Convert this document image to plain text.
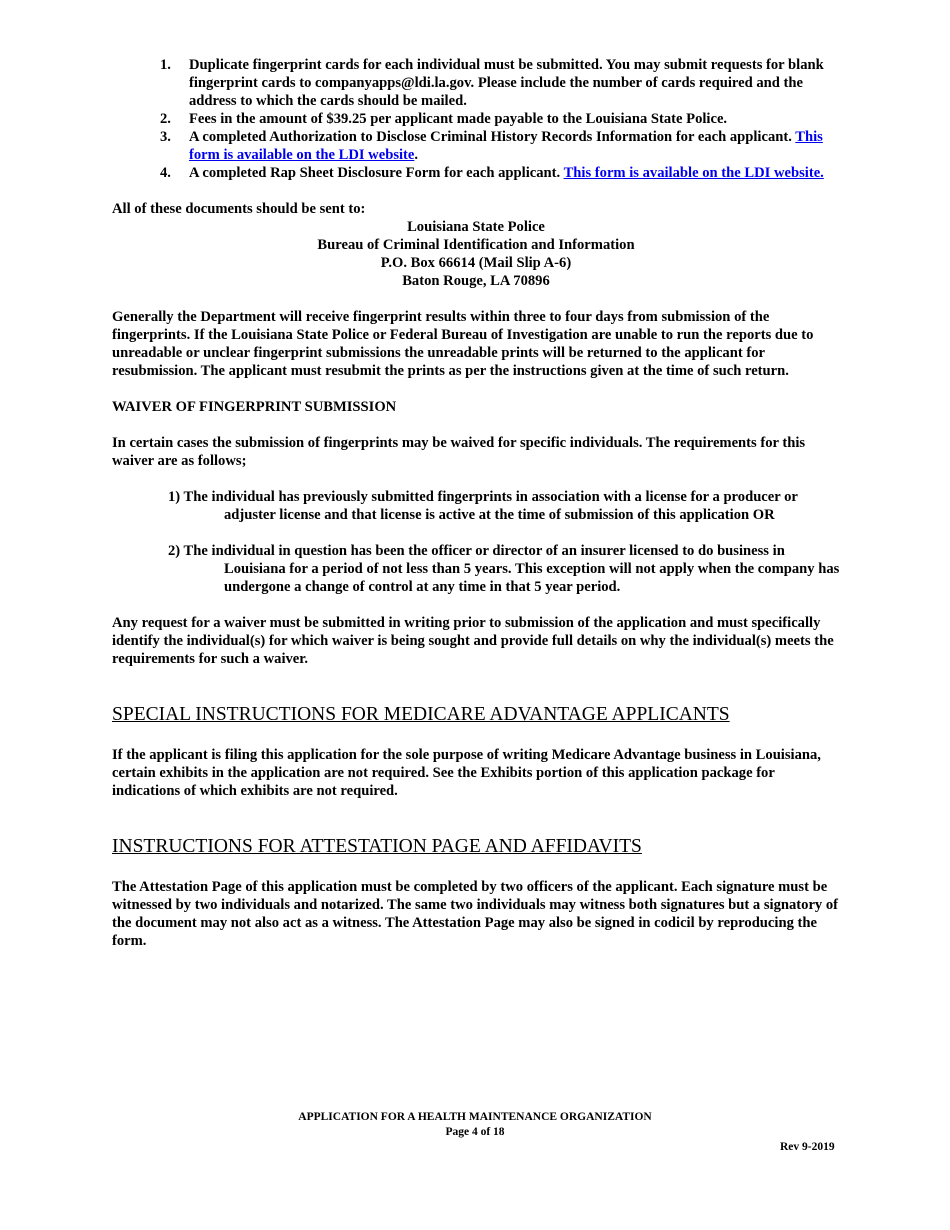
1. Duplicate fingerprint cards for each individual must be submitted. You may submit requests for blank fingerprint cards to companyapps@ldi.la.gov. Please include the number of cards required and the address to which the cards should be mailed.
2. Fees in the amount of $39.25 per applicant made payable to the Louisiana State Police.
3. A completed Authorization to Disclose Criminal History Records Information for each applicant. This form is available on the LDI website.
4. A completed Rap Sheet Disclosure Form for each applicant. This form is available on the LDI website.

All of these documents should be sent to:

Louisiana State Police
Bureau of Criminal Identification and Information
P.O. Box 66614 (Mail Slip A-6)
Baton Rouge, LA 70896

Generally the Department will receive fingerprint results within three to four days from submission of the fingerprints. If the Louisiana State Police or Federal Bureau of Investigation are unable to run the reports due to unreadable or unclear fingerprint submissions the unreadable prints will be returned to the applicant for resubmission. The applicant must resubmit the prints as per the instructions given at the time of such return.

WAIVER OF FINGERPRINT SUBMISSION

In certain cases the submission of fingerprints may be waived for specific individuals. The requirements for this waiver are as follows;

1) The individual has previously submitted fingerprints in association with a license for a producer or adjuster license and that license is active at the time of submission of this application OR

2) The individual in question has been the officer or director of an insurer licensed to do business in Louisiana for a period of not less than 5 years. This exception will not apply when the company has undergone a change of control at any time in that 5 year period.

Any request for a waiver must be submitted in writing prior to submission of the application and must specifically identify the individual(s) for which waiver is being sought and provide full details on why the individual(s) meets the requirements for such a waiver.

SPECIAL INSTRUCTIONS FOR MEDICARE ADVANTAGE APPLICANTS

If the applicant is filing this application for the sole purpose of writing Medicare Advantage business in Louisiana, certain exhibits in the application are not required. See the Exhibits portion of this application package for indications of which exhibits are not required.

INSTRUCTIONS FOR ATTESTATION PAGE AND AFFIDAVITS

The Attestation Page of this application must be completed by two officers of the applicant. Each signature must be witnessed by two individuals and notarized. The same two individuals may witness both signatures but a signatory of the document may not also act as a witness. The Attestation Page may also be signed in codicil by reproducing the form.

APPLICATION FOR A HEALTH MAINTENANCE ORGANIZATION
Page 4 of 18
Rev 9-2019
